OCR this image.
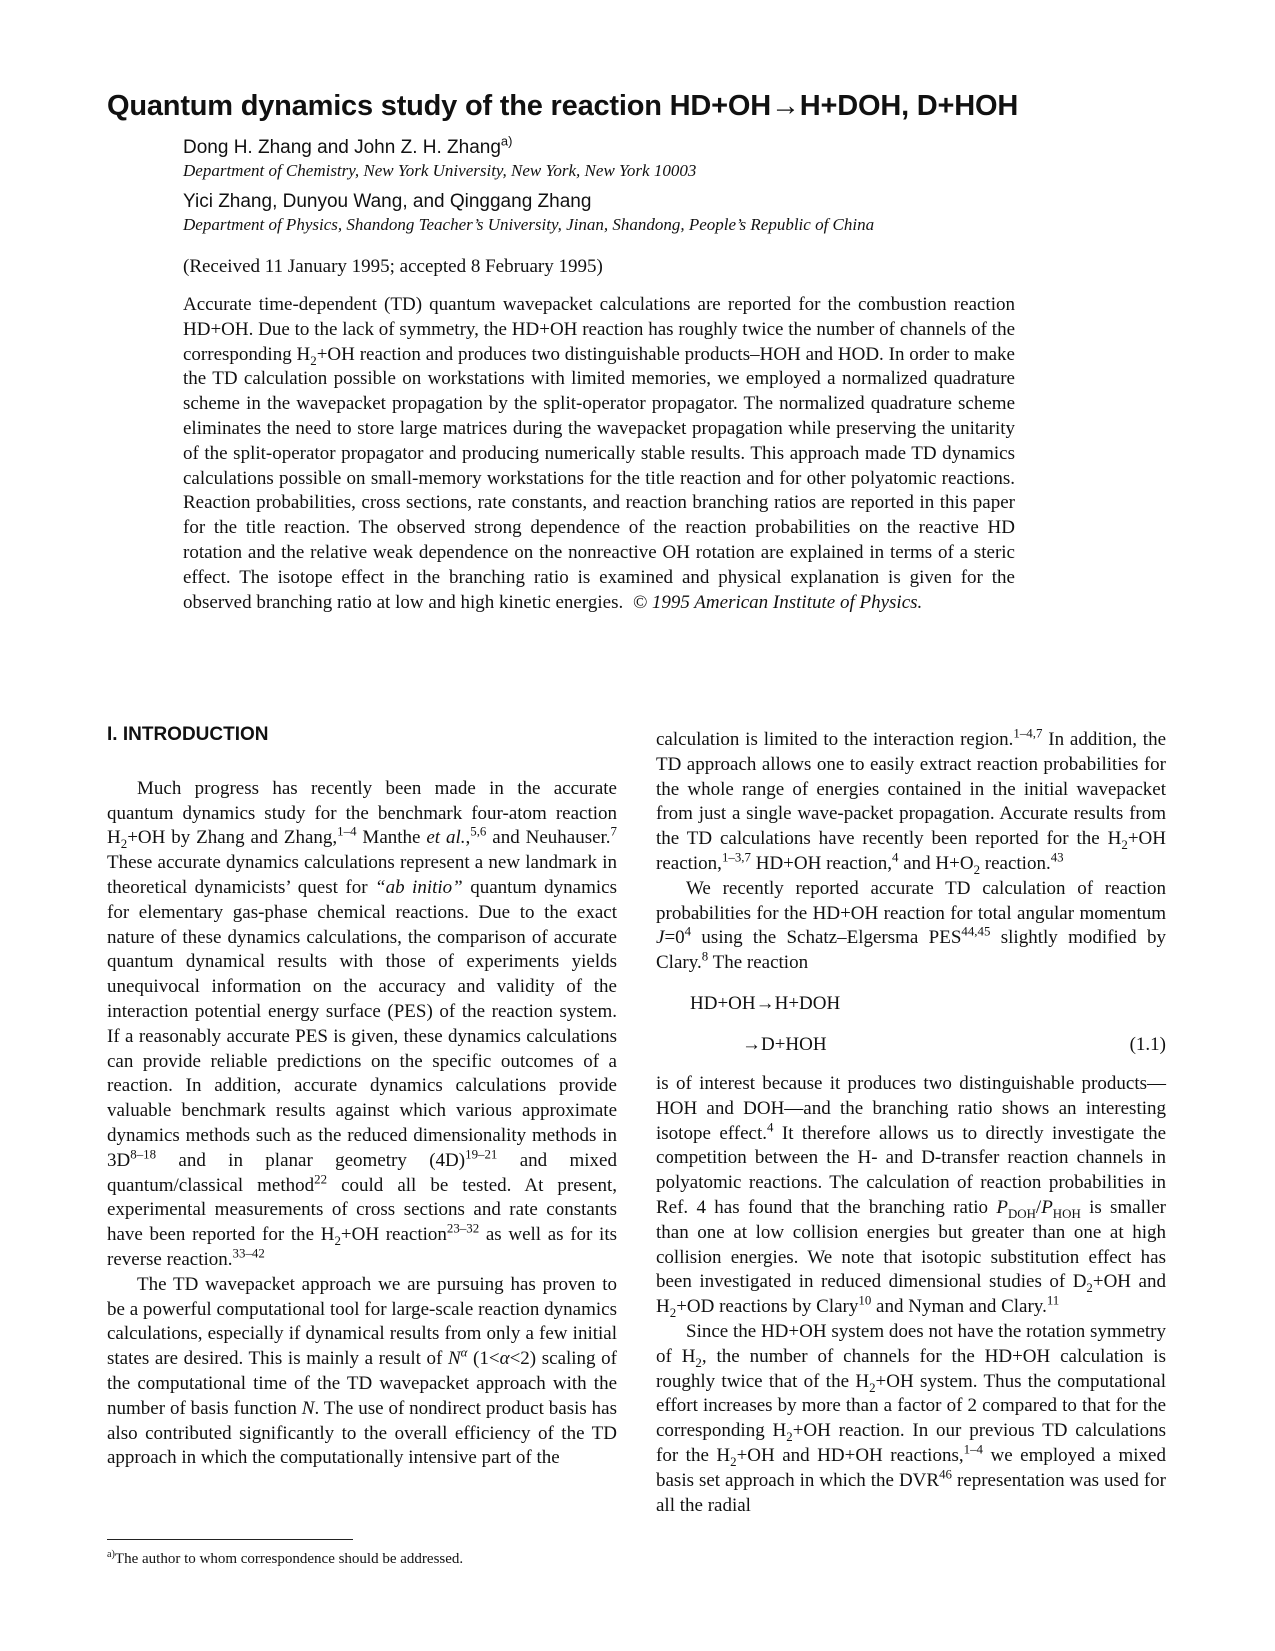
Quantum dynamics study of the reaction HD+OH→H+DOH, D+HOH
Dong H. Zhang and John Z. H. Zhang$^{a)}$
Department of Chemistry, New York University, New York, New York 10003
Yici Zhang, Dunyou Wang, and Qinggang Zhang
Department of Physics, Shandong Teacher’s University, Jinan, Shandong, People’s Republic of China
(Received 11 January 1995; accepted 8 February 1995)

Accurate time-dependent (TD) quantum wavepacket calculations are reported for the combustion reaction HD+OH. Due to the lack of symmetry, the HD+OH reaction has roughly twice the number of channels of the corresponding $H_2+OH$ reaction and produces two distinguishable products–HOH and HOD. In order to make the TD calculation possible on workstations with limited memories, we employed a normalized quadrature scheme in the wavepacket propagation by the split-operator propagator. The normalized quadrature scheme eliminates the need to store large matrices during the wavepacket propagation while preserving the unitarity of the split-operator propagator and producing numerically stable results. This approach made TD dynamics calculations possible on small-memory workstations for the title reaction and for other polyatomic reactions. Reaction probabilities, cross sections, rate constants, and reaction branching ratios are reported in this paper for the title reaction. The observed strong dependence of the reaction probabilities on the reactive HD rotation and the relative weak dependence on the nonreactive OH rotation are explained in terms of a steric effect. The isotope effect in the branching ratio is examined and physical explanation is given for the observed branching ratio at low and high kinetic energies. © 1995 American Institute of Physics.

I. INTRODUCTION

Much progress has recently been made in the accurate quantum dynamics study for the benchmark four-atom reaction $H_2+OH$ by Zhang and Zhang,$^{1-4}$ Manthe et al.,$^{5,6}$ and Neuhauser.$^7$ These accurate dynamics calculations represent a new landmark in theoretical dynamicists’ quest for “ab initio” quantum dynamics for elementary gas-phase chemical reactions. Due to the exact nature of these dynamics calculations, the comparison of accurate quantum dynamical results with those of experiments yields unequivocal information on the accuracy and validity of the interaction potential energy surface (PES) of the reaction system. If a reasonably accurate PES is given, these dynamics calculations can provide reliable predictions on the specific outcomes of a reaction. In addition, accurate dynamics calculations provide valuable benchmark results against which various approximate dynamics methods such as the reduced dimensionality methods in $3D^{8-18}$ and in planar geometry $(4D)^{19-21}$ and mixed quantum/classical method$^{22}$ could all be tested. At present, experimental measurements of cross sections and rate constants have been reported for the $H_2+OH$ reaction$^{23-32}$ as well as for its reverse reaction.$^{33-42}$

The TD wavepacket approach we are pursuing has proven to be a powerful computational tool for large-scale reaction dynamics calculations, especially if dynamical results from only a few initial states are desired. This is mainly a result of $N^\alpha$ (1<α<2) scaling of the computational time of the TD wavepacket approach with the number of basis function N. The use of nondirect product basis has also contributed significantly to the overall efficiency of the TD approach in which the computationally intensive part of the

calculation is limited to the interaction region.$^{1-4,7}$ In addition, the TD approach allows one to easily extract reaction probabilities for the whole range of energies contained in the initial wavepacket from just a single wave-packet propagation. Accurate results from the TD calculations have recently been reported for the $H_2+OH$ reaction,$^{1-3,7}$ HD+OH reaction,$^4$ and $H+O_2$ reaction.$^{43}$

We recently reported accurate TD calculation of reaction probabilities for the HD+OH reaction for total angular momentum $J=0^4$ using the Schatz–Elgersma PES$^{44,45}$ slightly modified by Clary.$^8$ The reaction

HD+OH→H+DOH
→D+HOH	(1.1)

is of interest because it produces two distinguishable products—HOH and DOH—and the branching ratio shows an interesting isotope effect.$^4$ It therefore allows us to directly investigate the competition between the H- and D-transfer reaction channels in polyatomic reactions. The calculation of reaction probabilities in Ref. 4 has found that the branching ratio $P_{DOH}/P_{HOH}$ is smaller than one at low collision energies but greater than one at high collision energies. We note that isotopic substitution effect has been investigated in reduced dimensional studies of $D_2+OH$ and $H_2+OD$ reactions by Clary$^{10}$ and Nyman and Clary.$^{11}$

Since the HD+OH system does not have the rotation symmetry of $H_2$, the number of channels for the HD+OH calculation is roughly twice that of the $H_2+OH$ system. Thus the computational effort increases by more than a factor of 2 compared to that for the corresponding $H_2+OH$ reaction. In our previous TD calculations for the $H_2+OH$ and HD+OH reactions,$^{1-4}$ we employed a mixed basis set approach in which the DVR$^{46}$ representation was used for all the radial

$^{a)}$The author to whom correspondence should be addressed.
